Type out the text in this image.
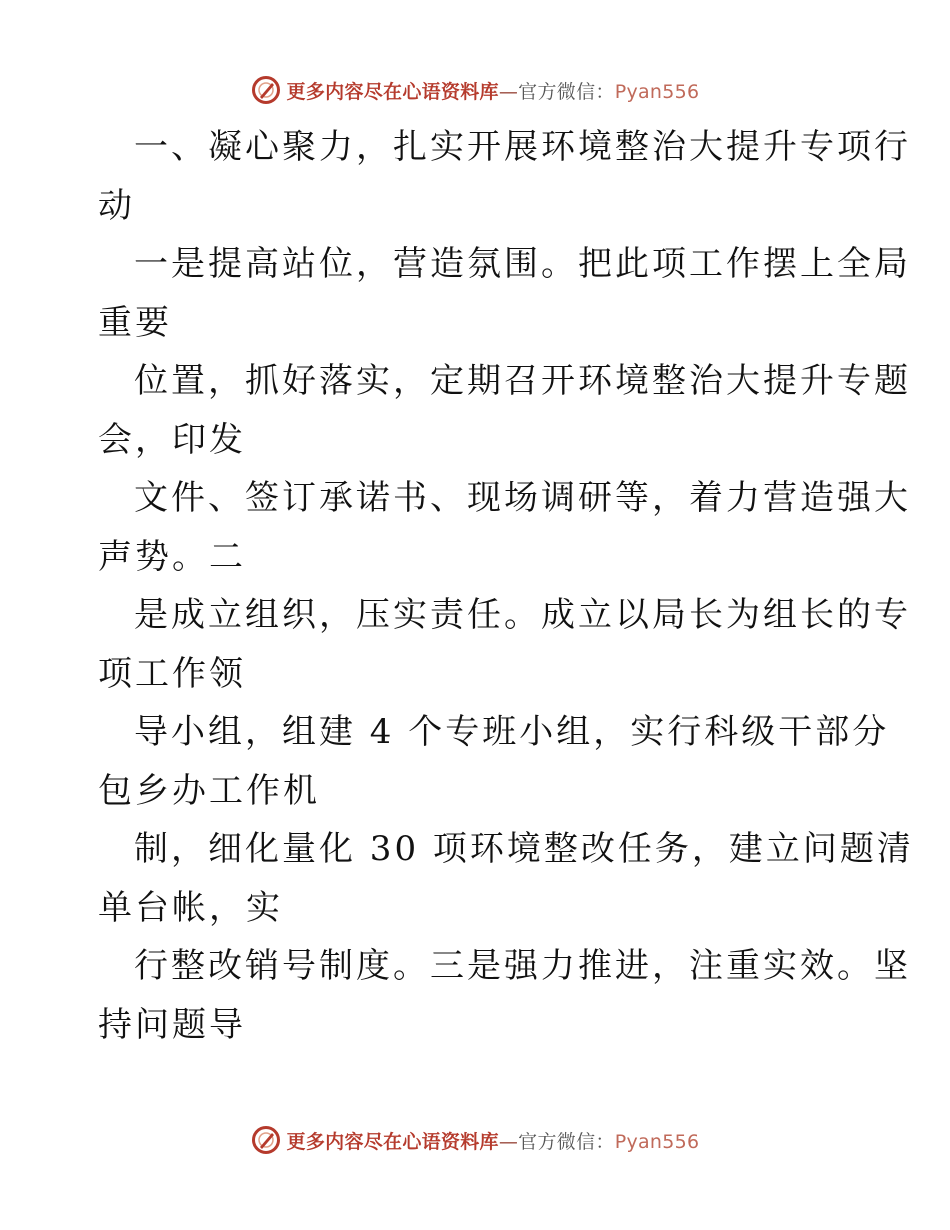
更多内容尽在心语资料库—官方微信：Pyan556
一、凝心聚力，扎实开展环境整治大提升专项行
动
一是提高站位，营造氛围。把此项工作摆上全局
重要
位置，抓好落实，定期召开环境整治大提升专题
会，印发
文件、签订承诺书、现场调研等，着力营造强大
声势。二
是成立组织，压实责任。成立以局长为组长的专
项工作领
导小组，组建 4 个专班小组，实行科级干部分
包乡办工作机
制，细化量化 30 项环境整改任务，建立问题清
单台帐，实
行整改销号制度。三是强力推进，注重实效。坚
持问题导
更多内容尽在心语资料库—官方微信：Pyan556
